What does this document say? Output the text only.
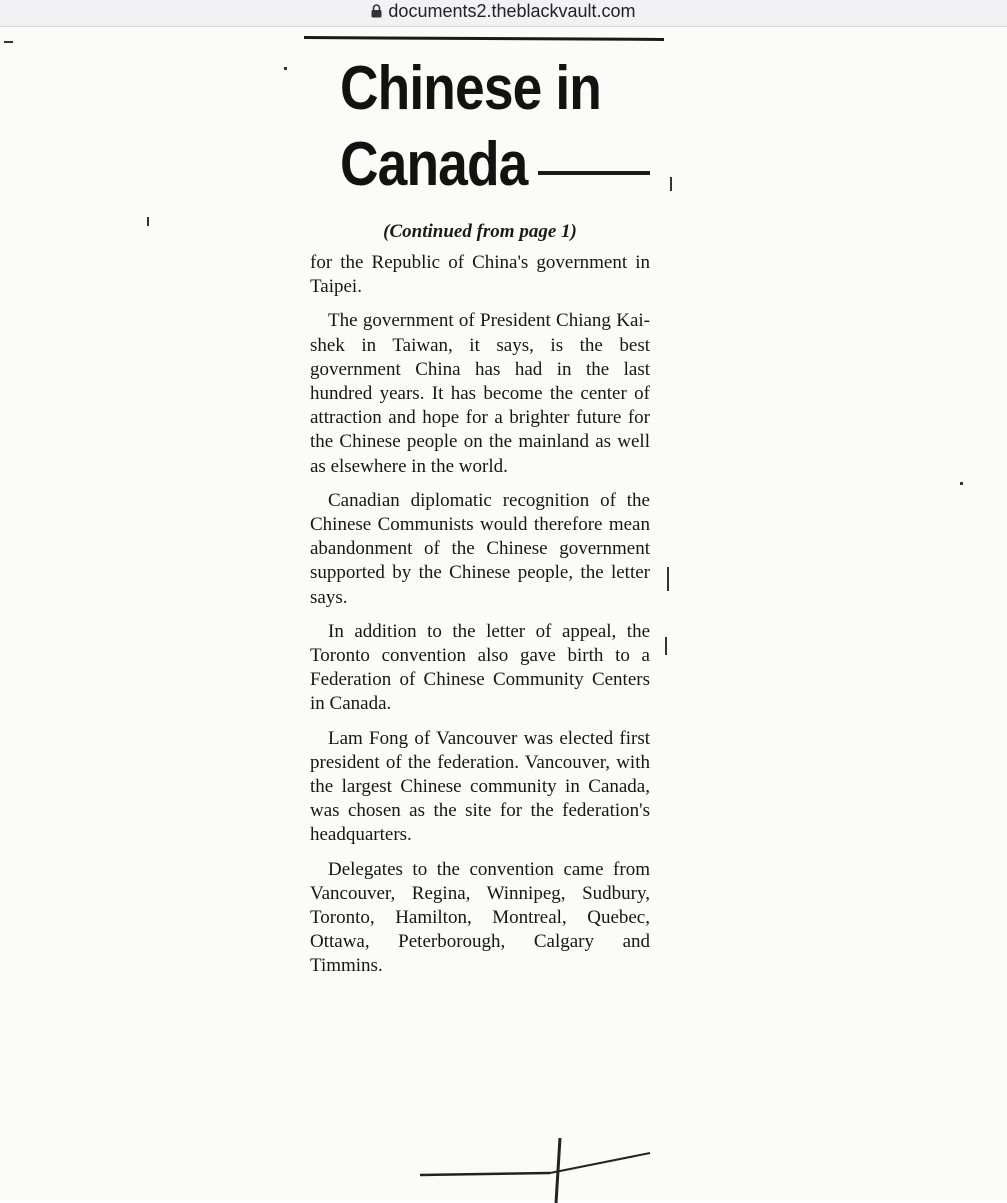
documents2.theblackvault.com
Chinese in
Canada
(Continued from page 1)

for the Republic of China's government in Taipei.

The government of President Chiang Kai-shek in Taiwan, it says, is the best government China has had in the last hundred years. It has become the center of attraction and hope for a brighter future for the Chinese people on the mainland as well as elsewhere in the world.

Canadian diplomatic recognition of the Chinese Communists would therefore mean abandonment of the Chinese government supported by the Chinese people, the letter says.

In addition to the letter of appeal, the Toronto convention also gave birth to a Federation of Chinese Community Centers in Canada.

Lam Fong of Vancouver was elected first president of the federation. Vancouver, with the largest Chinese community in Canada, was chosen as the site for the federation's headquarters.

Delegates to the convention came from Vancouver, Regina, Winnipeg, Sudbury, Toronto, Hamilton, Montreal, Quebec, Ottawa, Peterborough, Calgary and Timmins.
